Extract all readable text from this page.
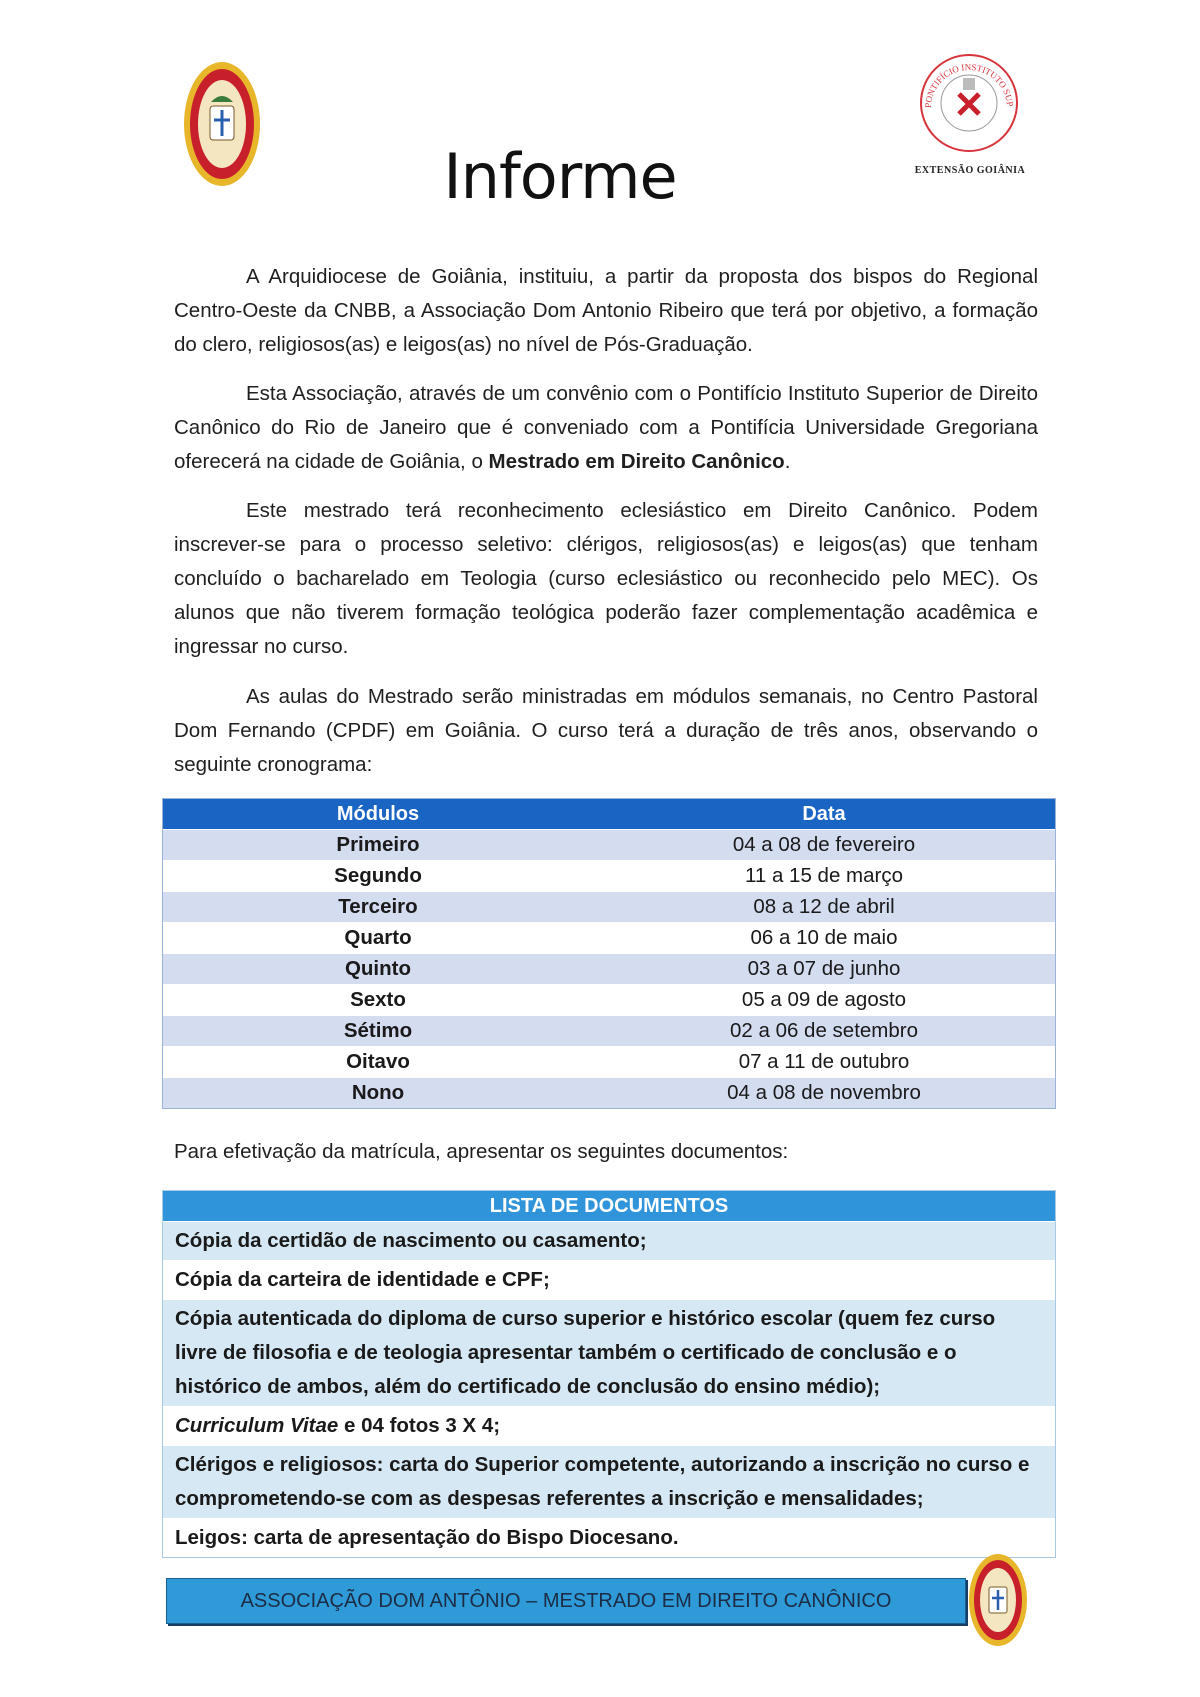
PONTIFÍCIO INSTITUTO SUP
EXTENSÃO GOIÂNIA
Informe

A Arquidiocese de Goiânia, instituiu, a partir da proposta dos bispos do Regional Centro-Oeste da CNBB, a Associação Dom Antonio Ribeiro que terá por objetivo, a formação do clero, religiosos(as) e leigos(as) no nível de Pós-Graduação.

Esta Associação, através de um convênio com o Pontifício Instituto Superior de Direito Canônico do Rio de Janeiro que é conveniado com a Pontifícia Universidade Gregoriana oferecerá na cidade de Goiânia, o Mestrado em Direito Canônico.

Este mestrado terá reconhecimento eclesiástico em Direito Canônico. Podem inscrever-se para o processo seletivo: clérigos, religiosos(as) e leigos(as) que tenham concluído o bacharelado em Teologia (curso eclesiástico ou reconhecido pelo MEC). Os alunos que não tiverem formação teológica poderão fazer complementação acadêmica e ingressar no curso.

As aulas do Mestrado serão ministradas em módulos semanais, no Centro Pastoral Dom Fernando (CPDF) em Goiânia. O curso terá a duração de três anos, observando o seguinte cronograma:

Módulos	Data
Primeiro	04 a 08 de fevereiro
Segundo	11 a 15 de março
Terceiro	08 a 12 de abril
Quarto	06 a 10 de maio
Quinto	03 a 07 de junho
Sexto	05 a 09 de agosto
Sétimo	02 a 06 de setembro
Oitavo	07 a 11 de outubro
Nono	04 a 08 de novembro
Para efetivação da matrícula, apresentar os seguintes documentos:
LISTA DE DOCUMENTOS
Cópia da certidão de nascimento ou casamento;
Cópia da carteira de identidade e CPF;
Cópia autenticada do diploma de curso superior e histórico escolar (quem fez curso livre de filosofia e de teologia apresentar também o certificado de conclusão e o histórico de ambos, além do certificado de conclusão do ensino médio);
Curriculum Vitae e 04 fotos 3 X 4;
Clérigos e religiosos: carta do Superior competente, autorizando a inscrição no curso e comprometendo-se com as despesas referentes a inscrição e mensalidades;
Leigos: carta de apresentação do Bispo Diocesano.
ASSOCIAÇÃO DOM ANTÔNIO – MESTRADO EM DIREITO CANÔNICO
